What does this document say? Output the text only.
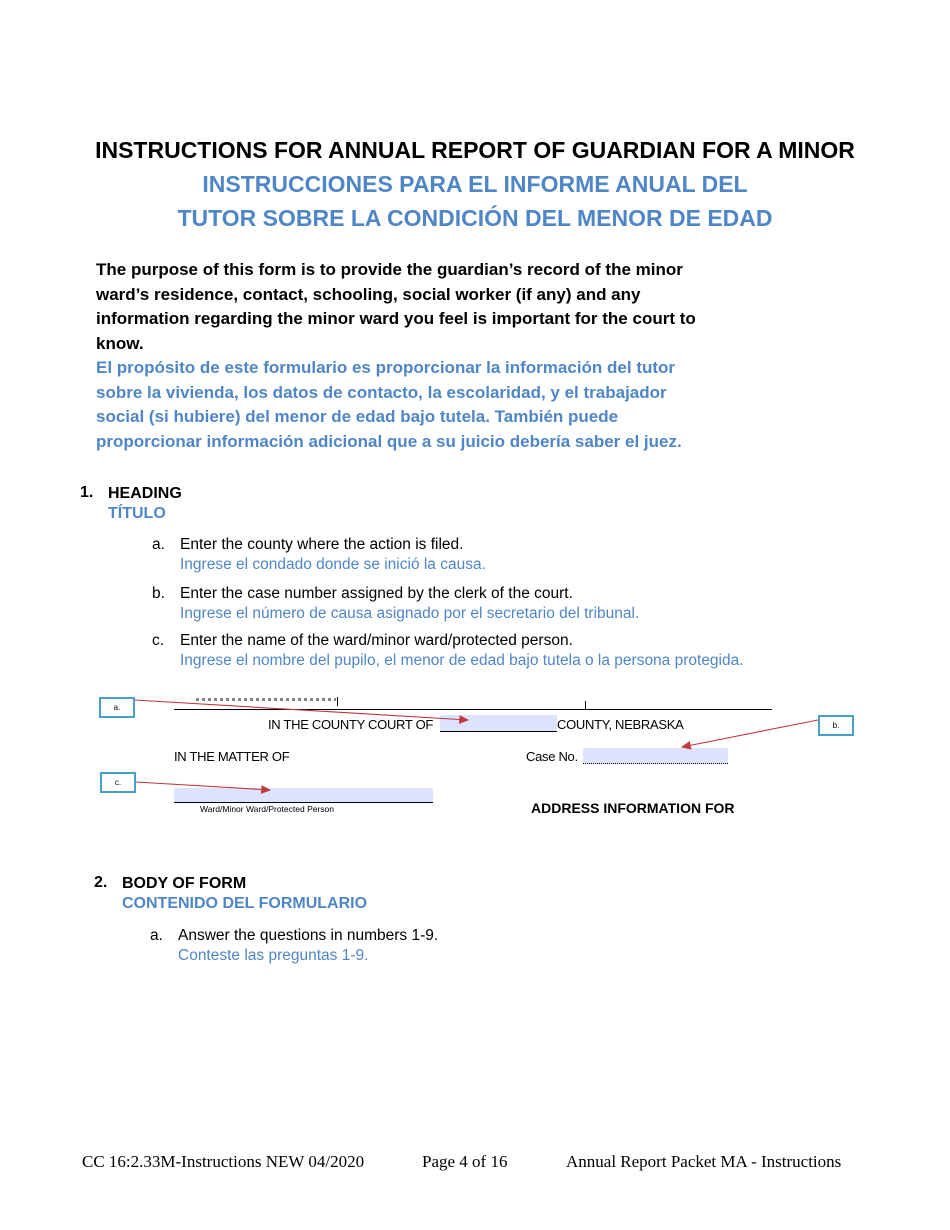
INSTRUCTIONS FOR ANNUAL REPORT OF GUARDIAN FOR A MINOR
INSTRUCCIONES PARA EL INFORME ANUAL DEL
TUTOR SOBRE LA CONDICIÓN DEL MENOR DE EDAD
The purpose of this form is to provide the guardian’s record of the minor
ward’s residence, contact, schooling, social worker (if any) and any
information regarding the minor ward you feel is important for the court to
know.
El propósito de este formulario es proporcionar la información del tutor
sobre la vivienda, los datos de contacto, la escolaridad, y el trabajador
social (si hubiere) del menor de edad bajo tutela. También puede
proporcionar información adicional que a su juicio debería saber el juez.
1. HEADING
TÍTULO
a. Enter the county where the action is filed.
Ingrese el condado donde se inició la causa.
b. Enter the case number assigned by the clerk of the court.
Ingrese el número de causa asignado por el secretario del tribunal.
c. Enter the name of the ward/minor ward/protected person.
Ingrese el nombre del pupilo, el menor de edad bajo tutela o la persona protegida.
IN THE COUNTY COURT OF	COUNTY, NEBRASKA
IN THE MATTER OF	Case No.
Ward/Minor Ward/Protected Person	ADDRESS INFORMATION FOR
a.
b.
c.
2. BODY OF FORM
CONTENIDO DEL FORMULARIO
a. Answer the questions in numbers 1-9.
Conteste las preguntas 1-9.
CC 16:2.33M-Instructions NEW 04/2020	Page 4 of 16	Annual Report Packet MA - Instructions
